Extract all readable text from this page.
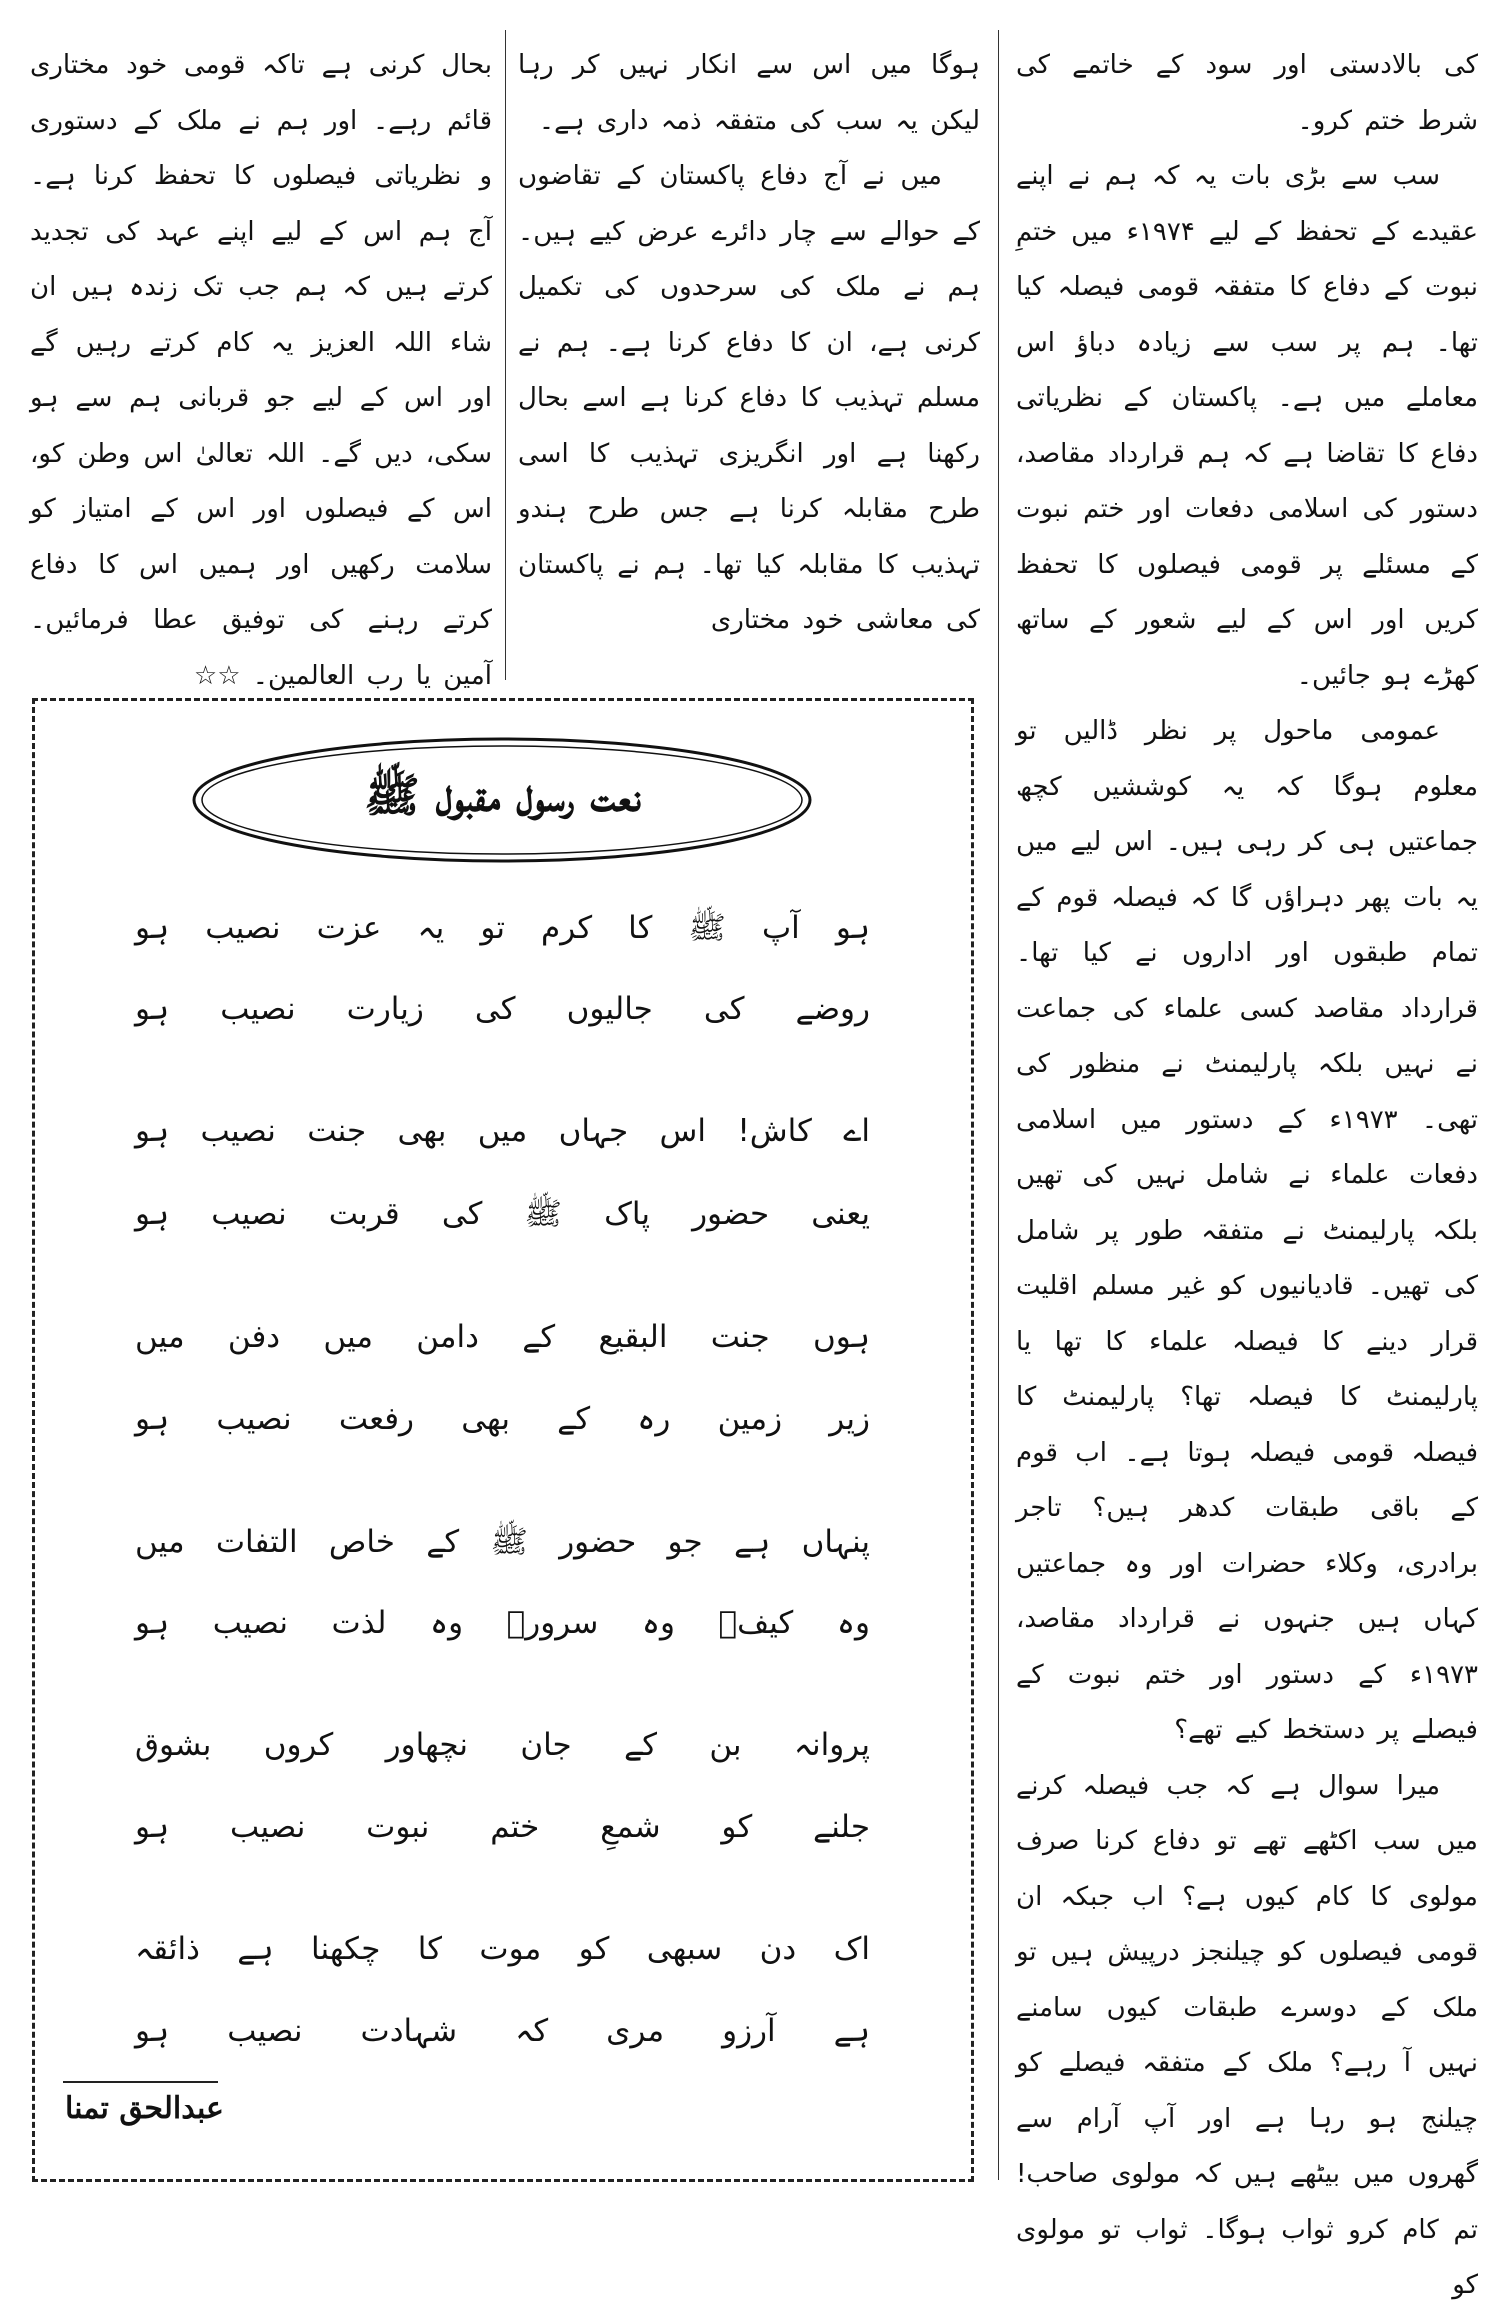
کی بالادستی اور سود کے خاتمے کی شرط ختم کرو۔

سب سے بڑی بات یہ کہ ہم نے اپنے عقیدے کے تحفظ کے لیے ۱۹۷۴ء میں ختمِ نبوت کے دفاع کا متفقہ قومی فیصلہ کیا تھا۔ ہم پر سب سے زیادہ دباؤ اس معاملے میں ہے۔ پاکستان کے نظریاتی دفاع کا تقاضا ہے کہ ہم قرارداد مقاصد، دستور کی اسلامی دفعات اور ختم نبوت کے مسئلے پر قومی فیصلوں کا تحفظ کریں اور اس کے لیے شعور کے ساتھ کھڑے ہو جائیں۔

عمومی ماحول پر نظر ڈالیں تو معلوم ہوگا کہ یہ کوششیں کچھ جماعتیں ہی کر رہی ہیں۔ اس لیے میں یہ بات پھر دہراؤں گا کہ فیصلہ قوم کے تمام طبقوں اور اداروں نے کیا تھا۔ قرارداد مقاصد کسی علماء کی جماعت نے نہیں بلکہ پارلیمنٹ نے منظور کی تھی۔ ۱۹۷۳ء کے دستور میں اسلامی دفعات علماء نے شامل نہیں کی تھیں بلکہ پارلیمنٹ نے متفقہ طور پر شامل کی تھیں۔ قادیانیوں کو غیر مسلم اقلیت قرار دینے کا فیصلہ علماء کا تھا یا پارلیمنٹ کا فیصلہ تھا؟ پارلیمنٹ کا فیصلہ قومی فیصلہ ہوتا ہے۔ اب قوم کے باقی طبقات کدھر ہیں؟ تاجر برادری، وکلاء حضرات اور وہ جماعتیں کہاں ہیں جنہوں نے قرارداد مقاصد، ۱۹۷۳ء کے دستور اور ختم نبوت کے فیصلے پر دستخط کیے تھے؟

میرا سوال ہے کہ جب فیصلہ کرنے میں سب اکٹھے تھے تو دفاع کرنا صرف مولوی کا کام کیوں ہے؟ اب جبکہ ان قومی فیصلوں کو چیلنجز درپیش ہیں تو ملک کے دوسرے طبقات کیوں سامنے نہیں آ رہے؟ ملک کے متفقہ فیصلے کو چیلنج ہو رہا ہے اور آپ آرام سے گھروں میں بیٹھے ہیں کہ مولوی صاحب! تم کام کرو ثواب ہوگا۔ ثواب تو مولوی کو

ہوگا میں اس سے انکار نہیں کر رہا لیکن یہ سب کی متفقہ ذمہ داری ہے۔

میں نے آج دفاع پاکستان کے تقاضوں کے حوالے سے چار دائرے عرض کیے ہیں۔ ہم نے ملک کی سرحدوں کی تکمیل کرنی ہے، ان کا دفاع کرنا ہے۔ ہم نے مسلم تہذیب کا دفاع کرنا ہے اسے بحال رکھنا ہے اور انگریزی تہذیب کا اسی طرح مقابلہ کرنا ہے جس طرح ہندو تہذیب کا مقابلہ کیا تھا۔ ہم نے پاکستان کی معاشی خود مختاری

بحال کرنی ہے تاکہ قومی خود مختاری قائم رہے۔ اور ہم نے ملک کے دستوری و نظریاتی فیصلوں کا تحفظ کرنا ہے۔ آج ہم اس کے لیے اپنے عہد کی تجدید کرتے ہیں کہ ہم جب تک زندہ ہیں ان شاء اللہ العزیز یہ کام کرتے رہیں گے اور اس کے لیے جو قربانی ہم سے ہو سکی، دیں گے۔ اللہ تعالیٰ اس وطن کو، اس کے فیصلوں اور اس کے امتیاز کو سلامت رکھیں اور ہمیں اس کا دفاع کرتے رہنے کی توفیق عطا فرمائیں۔ آمین یا رب العالمین۔ ☆☆

نعت رسول مقبول ﷺ
ہو آپ ﷺ کا کرم تو یہ عزت نصیب ہو
روضے کی جالیوں کی زیارت نصیب ہو
اے کاش! اس جہاں میں بھی جنت نصیب ہو
یعنی حضور پاک ﷺ کی قربت نصیب ہو
ہوں جنت البقیع کے دامن میں دفن میں
زیر زمین رہ کے بھی رفعت نصیب ہو
پنہاں ہے جو حضور ﷺ کے خاص التفات میں
وہ کیفؔ وہ سرورؔ وہ لذت نصیب ہو
پروانہ بن کے جان نچھاور کروں بشوق
جلنے کو شمعِ ختم نبوت نصیب ہو
اک دن سبھی کو موت کا چکھنا ہے ذائقہ
ہے آرزو مری کہ شہادت نصیب ہو
عبدالحق تمنا
